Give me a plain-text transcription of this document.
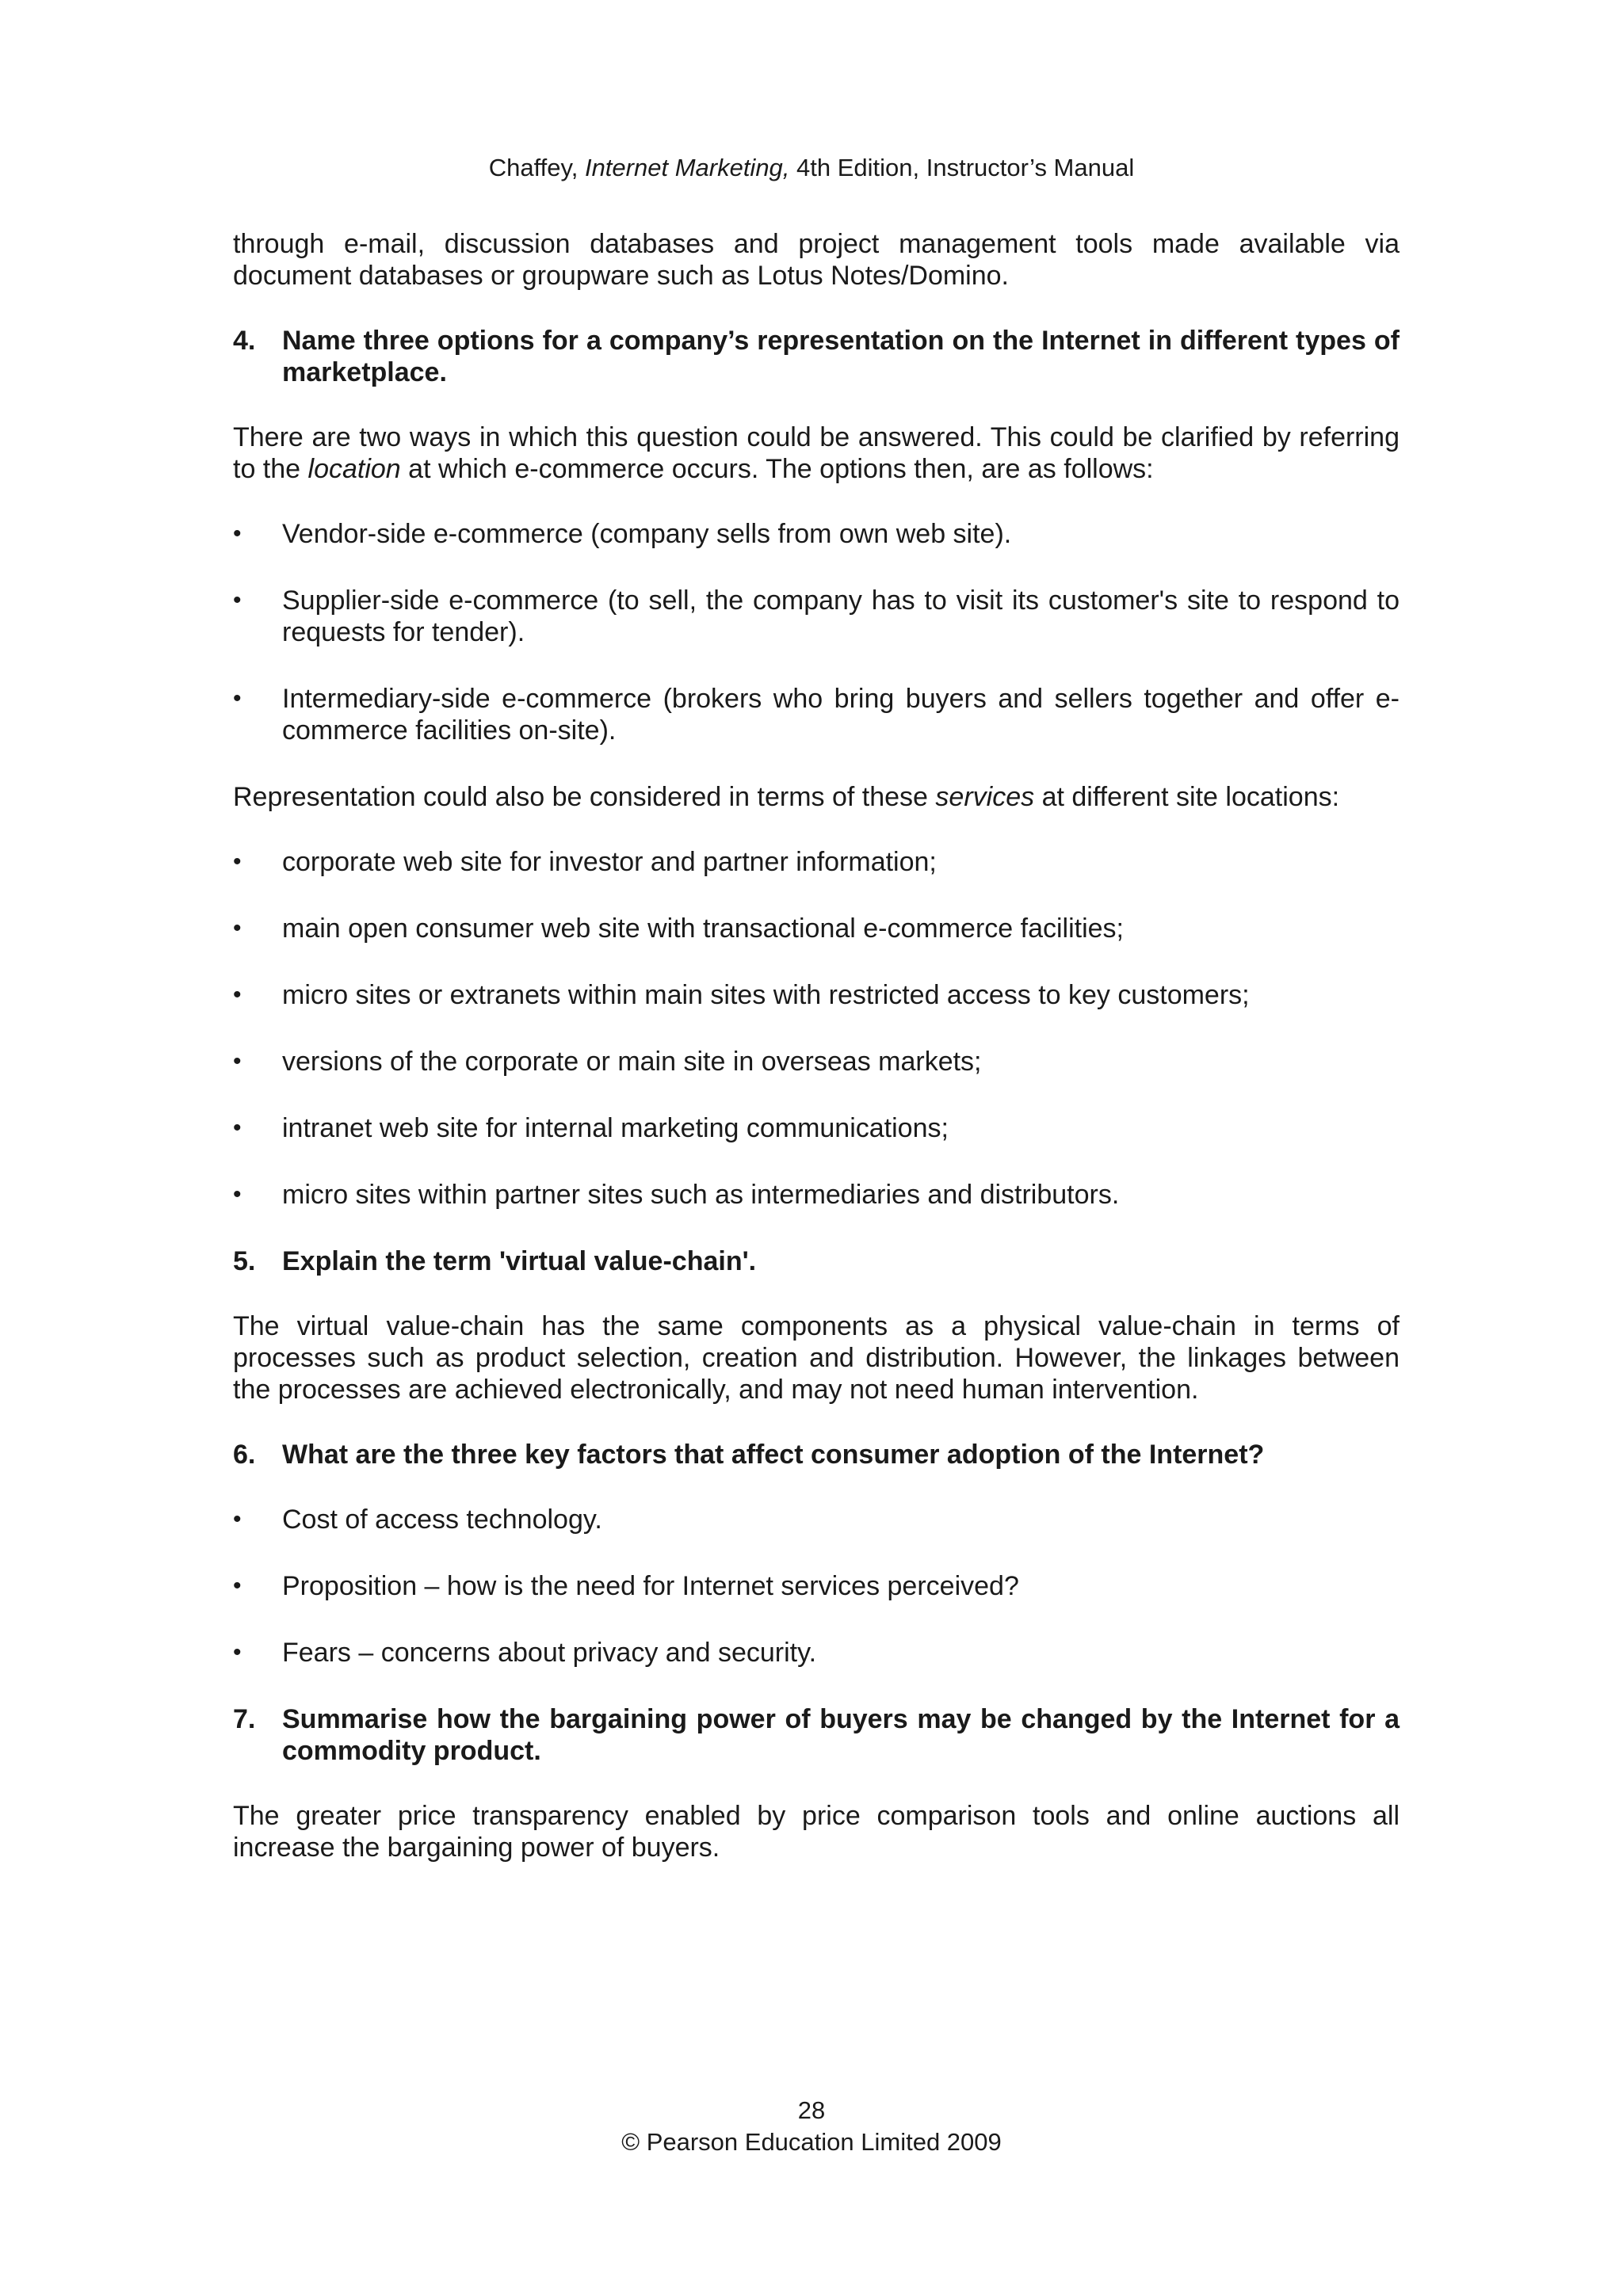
Chaffey, Internet Marketing, 4th Edition, Instructor’s Manual

through e-mail, discussion databases and project management tools made available via document databases or groupware such as Lotus Notes/Domino.

4. Name three options for a company’s representation on the Internet in different types of marketplace.

There are two ways in which this question could be answered. This could be clarified by referring to the location at which e-commerce occurs. The options then, are as follows:

•	Vendor-side e-commerce (company sells from own web site).
•	Supplier-side e-commerce (to sell, the company has to visit its customer's site to respond to requests for tender).
•	Intermediary-side e-commerce (brokers who bring buyers and sellers together and offer e-commerce facilities on-site).

Representation could also be considered in terms of these services at different site locations:

•	corporate web site for investor and partner information;
•	main open consumer web site with transactional e-commerce facilities;
•	micro sites or extranets within main sites with restricted access to key customers;
•	versions of the corporate or main site in overseas markets;
•	intranet web site for internal marketing communications;
•	micro sites within partner sites such as intermediaries and distributors.
5. Explain the term 'virtual value-chain'.

The virtual value-chain has the same components as a physical value-chain in terms of processes such as product selection, creation and distribution. However, the linkages between the processes are achieved electronically, and may not need human intervention.

6. What are the three key factors that affect consumer adoption of the Internet?
•	Cost of access technology.
•	Proposition – how is the need for Internet services perceived?
•	Fears – concerns about privacy and security.
7. Summarise how the bargaining power of buyers may be changed by the Internet for a commodity product.

The greater price transparency enabled by price comparison tools and online auctions all increase the bargaining power of buyers.

28
© Pearson Education Limited 2009
